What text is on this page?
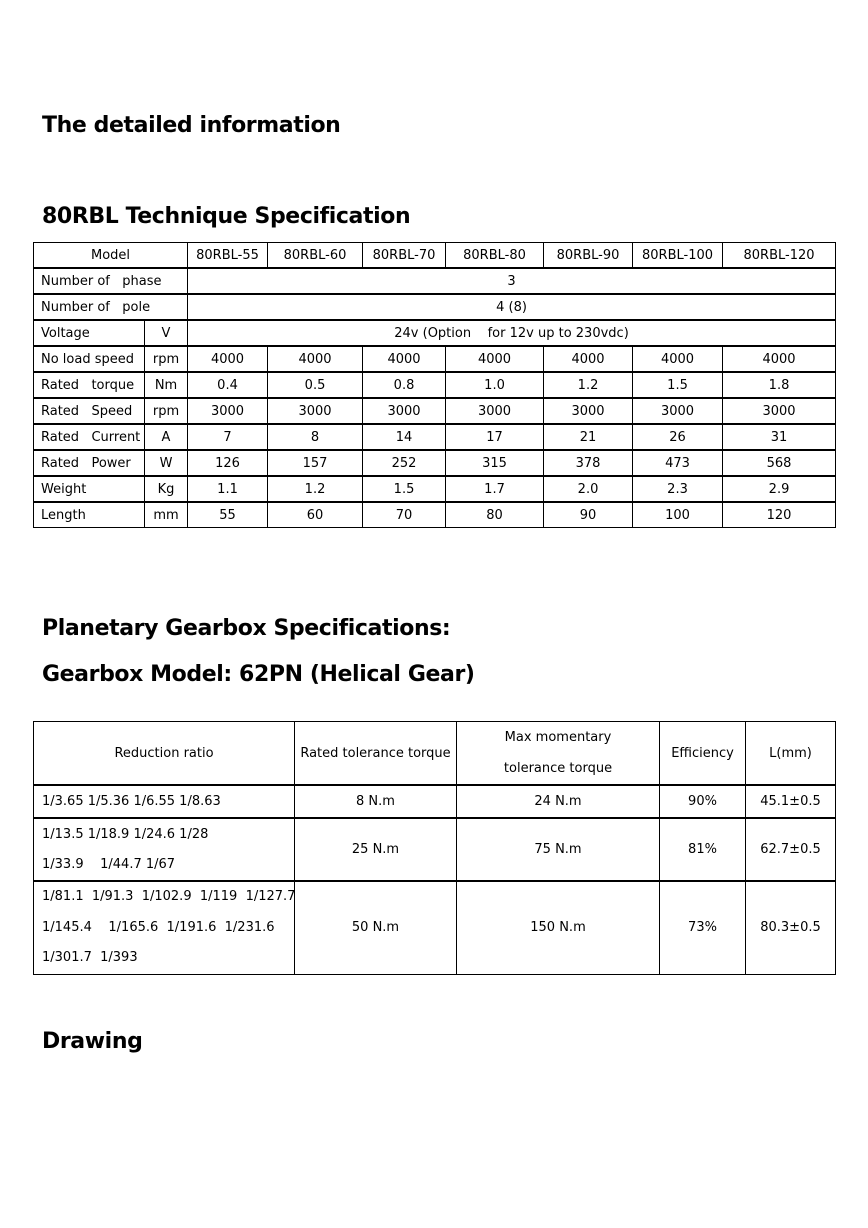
The detailed information
80RBL Technique Specification
Model		80RBL-55	80RBL-60	80RBL-70	80RBL-80	80RBL-90	80RBL-100	80RBL-120
Number of   phase		3						
Number of   pole		4 (8)						
Voltage	V	24v (Option    for 12v up to 230vdc)						
No load speed	rpm	4000	4000	4000	4000	4000	4000	4000
Rated   torque	Nm	0.4	0.5	0.8	1.0	1.2	1.5	1.8
Rated   Speed	rpm	3000	3000	3000	3000	3000	3000	3000
Rated   Current	A	7	8	14	17	21	26	31
Rated   Power	W	126	157	252	315	378	473	568
Weight	Kg	1.1	1.2	1.5	1.7	2.0	2.3	2.9
Length	mm	55	60	70	80	90	100	120
Planetary Gearbox Specifications:
Gearbox Model: 62PN (Helical Gear)
Reduction ratio	Rated tolerance torque	Max momentary
tolerance torque	Efficiency	L(mm)

1/3.65 1/5.36 1/6.55 1/8.63	8 N.m	24 N.m	90%	45.1±0.5

1/13.5 1/18.9 1/24.6 1/28
1/33.9    1/44.7 1/67	25 N.m	75 N.m	81%	62.7±0.5

1/81.1  1/91.3  1/102.9  1/119  1/127.7
1/145.4    1/165.6  1/191.6  1/231.6
1/301.7  1/393	50 N.m	150 N.m	73%	80.3±0.5
Drawing
